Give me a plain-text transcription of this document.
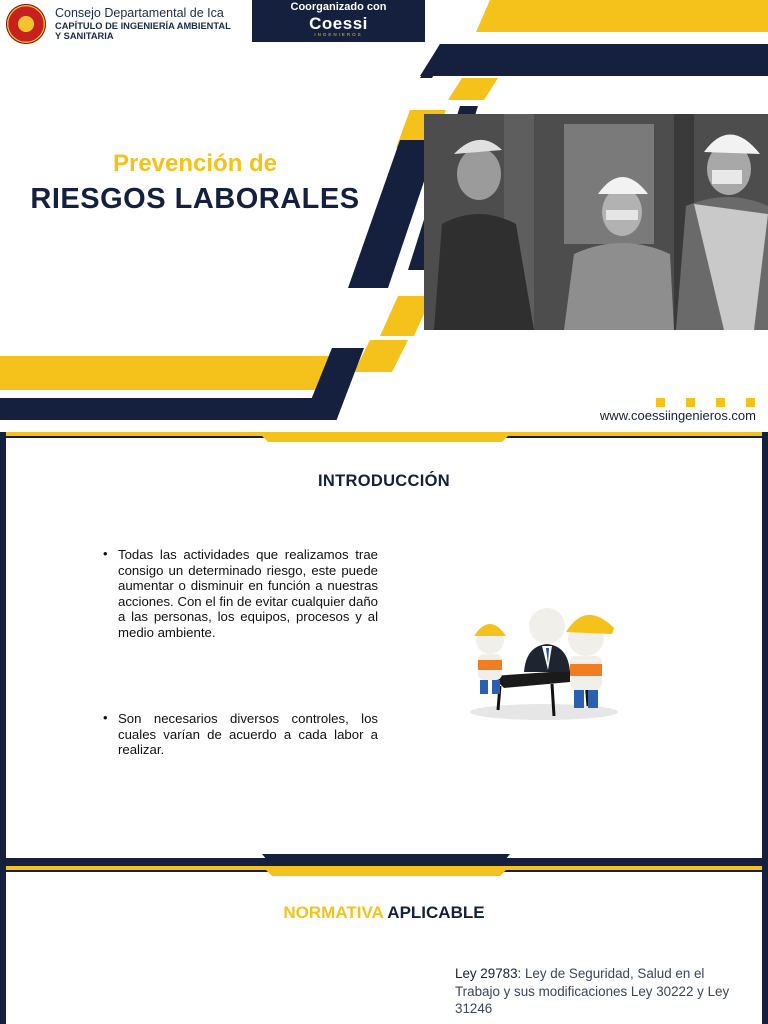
Consejo Departamental de Ica
CAPÍTULO DE INGENIERÍA AMBIENTAL
Y SANITARIA
Coorganizado con
Coessi
INGENIEROS
Prevención de
RIESGOS LABORALES
www.coessiingenieros.com
INTRODUCCIÓN
• Todas las actividades que realizamos trae consigo un determinado riesgo, este puede aumentar o disminuir en función a nuestras acciones. Con el fin de evitar cualquier daño a las personas, los equipos, procesos y al medio ambiente.
• Son necesarios diversos controles, los cuales varían de acuerdo a cada labor a realizar.
NORMATIVA APLICABLE
Ley 29783: Ley de Seguridad, Salud en el Trabajo y sus modificaciones Ley 30222 y Ley 31246
